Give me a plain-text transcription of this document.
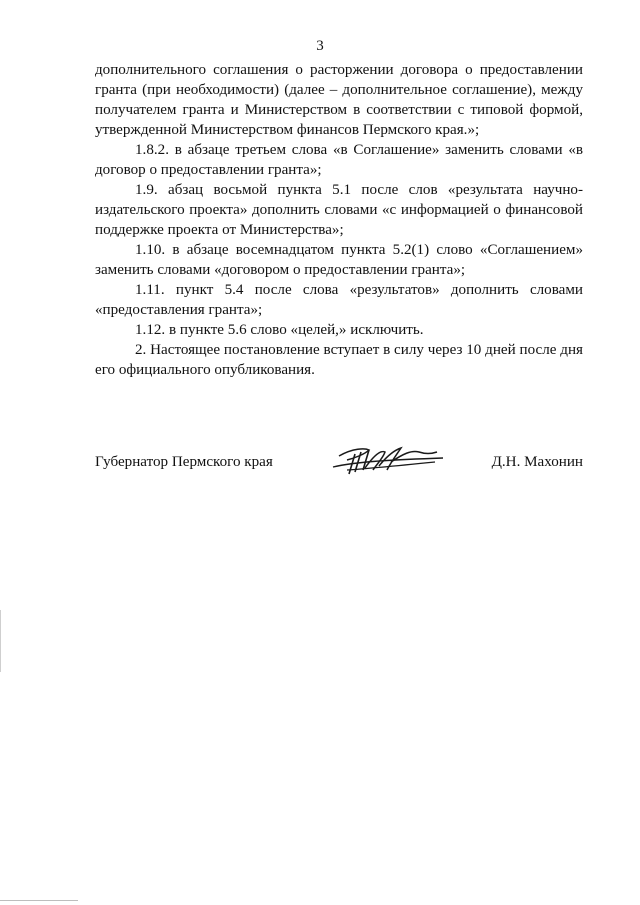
3

дополнительного соглашения о расторжении договора о предоставлении гранта (при необходимости) (далее – дополнительное соглашение), между получателем гранта и Министерством в соответствии с типовой формой, утвержденной Министерством финансов Пермского края.»;

1.8.2. в абзаце третьем слова «в Соглашение» заменить словами «в договор о предоставлении гранта»;

1.9. абзац восьмой пункта 5.1 после слов «результата научно-издательского проекта» дополнить словами «с информацией о финансовой поддержке проекта от Министерства»;

1.10. в абзаце восемнадцатом пункта 5.2(1) слово «Соглашением» заменить словами «договором о предоставлении гранта»;

1.11. пункт 5.4 после слова «результатов» дополнить словами «предоставления гранта»;

1.12. в пункте 5.6 слово «целей,» исключить.

2. Настоящее постановление вступает в силу через 10 дней после дня его официального опубликования.

Губернатор Пермского края	Д.Н. Махонин
